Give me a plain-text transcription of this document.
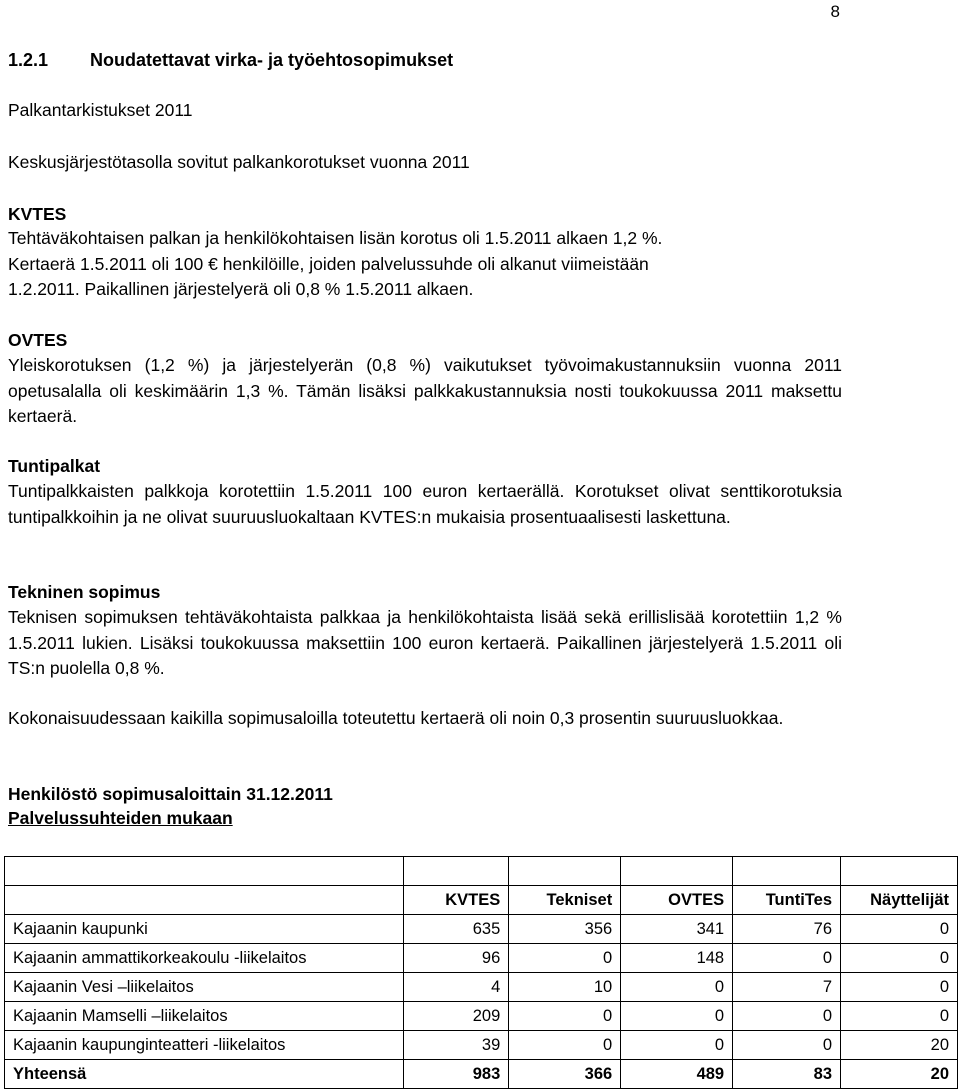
8
1.2.1 Noudatettavat virka- ja työehtosopimukset
Palkantarkistukset 2011
Keskusjärjestötasolla sovitut palkankorotukset vuonna 2011
KVTES
Tehtäväkohtaisen palkan ja henkilökohtaisen lisän korotus oli 1.5.2011 alkaen 1,2 %.
Kertaerä 1.5.2011 oli 100 € henkilöille, joiden palvelussuhde oli alkanut viimeistään
1.2.2011. Paikallinen järjestelyerä oli 0,8 % 1.5.2011 alkaen.

OVTES

Yleiskorotuksen (1,2 %) ja järjestelyerän (0,8 %) vaikutukset työvoimakustannuksiin vuonna 2011 opetusalalla oli keskimäärin 1,3 %. Tämän lisäksi palkkakustannuksia nosti toukokuussa 2011 maksettu kertaerä.

Tuntipalkat

Tuntipalkkaisten palkkoja korotettiin 1.5.2011 100 euron kertaerällä. Korotukset olivat senttikorotuksia tuntipalkkoihin ja ne olivat suuruusluokaltaan KVTES:n mukaisia prosentuaalisesti laskettuna.

Tekninen sopimus

Teknisen sopimuksen tehtäväkohtaista palkkaa ja henkilökohtaista lisää sekä erillislisää korotettiin 1,2 % 1.5.2011 lukien. Lisäksi toukokuussa maksettiin 100 euron kertaerä. Paikallinen järjestelyerä 1.5.2011 oli TS:n puolella 0,8 %.

Kokonaisuudessaan kaikilla sopimusaloilla toteutettu kertaerä oli noin 0,3 prosentin suuruusluokkaa.

Henkilöstö sopimusaloittain 31.12.2011
Palvelussuhteiden mukaan

	KVTES	Tekniset	OVTES	TuntiTes	Näyttelijät
Kajaanin kaupunki	635	356	341	76	0
Kajaanin ammattikorkeakoulu -liikelaitos	96	0	148	0	0
Kajaanin Vesi –liikelaitos	4	10	0	7	0
Kajaanin Mamselli –liikelaitos	209	0	0	0	0
Kajaanin kaupunginteatteri -liikelaitos	39	0	0	0	20
Yhteensä	983	366	489	83	20
